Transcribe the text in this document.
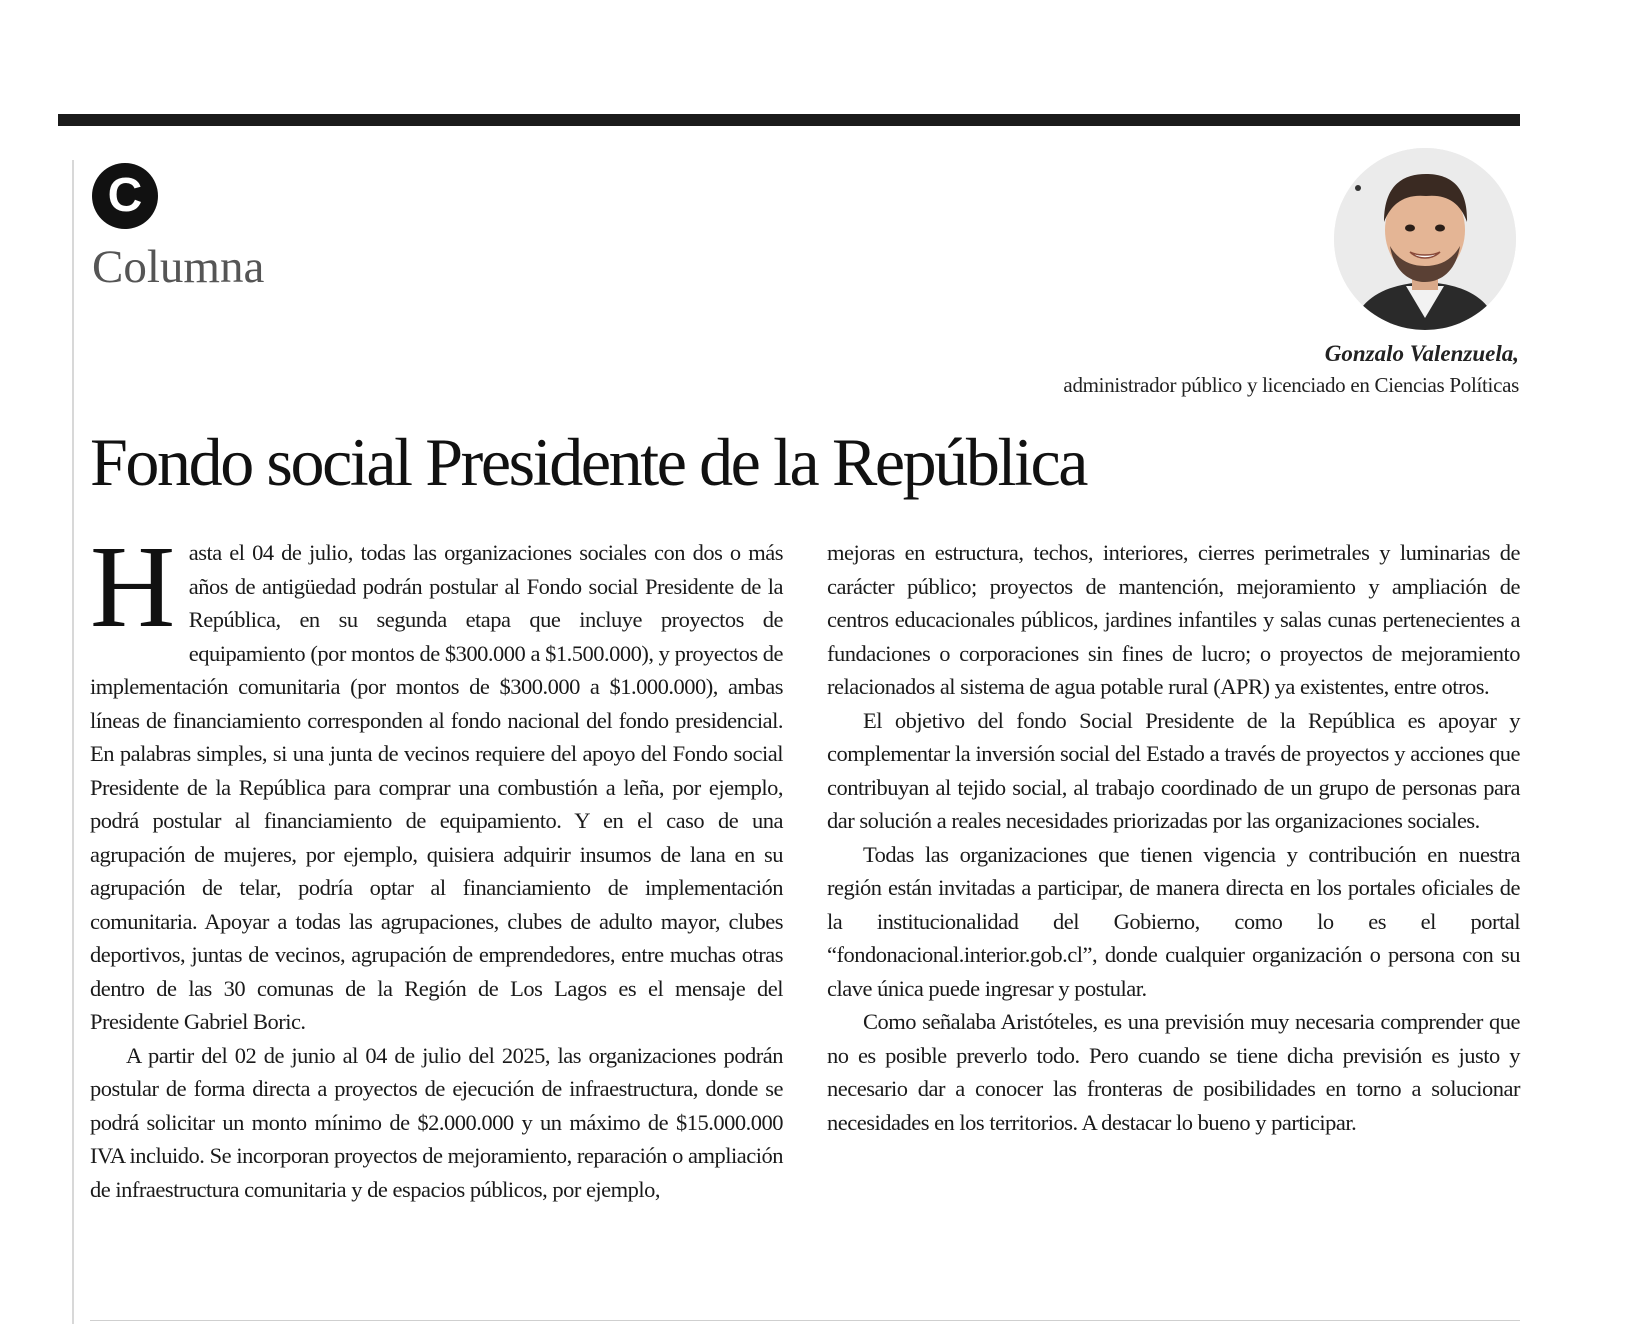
C
Columna
Gonzalo Valenzuela,
administrador público y licenciado en Ciencias Políticas
Fondo social Presidente de la República

Hasta el 04 de julio, todas las organizaciones sociales con dos o más años de antigüedad podrán postular al Fondo social Presidente de la República, en su segunda etapa que incluye proyectos de equipamiento (por montos de $300.000 a $1.500.000), y proyectos de implementación comunitaria (por montos de $300.000 a $1.000.000), ambas líneas de financiamiento corresponden al fondo nacional del fondo presidencial. En palabras simples, si una junta de vecinos requiere del apoyo del Fondo social Presidente de la República para comprar una combustión a leña, por ejemplo, podrá postular al financiamiento de equipamiento. Y en el caso de una agrupación de mujeres, por ejemplo, quisiera adquirir insumos de lana en su agrupación de telar, podría optar al financiamiento de implementación comunitaria. Apoyar a todas las agrupaciones, clubes de adulto mayor, clubes deportivos, juntas de vecinos, agrupación de emprendedores, entre muchas otras dentro de las 30 comunas de la Región de Los Lagos es el mensaje del Presidente Gabriel Boric.

A partir del 02 de junio al 04 de julio del 2025, las organizaciones podrán postular de forma directa a proyectos de ejecución de infraestructura, donde se podrá solicitar un monto mínimo de $2.000.000 y un máximo de $15.000.000 IVA incluido. Se incorporan proyectos de mejoramiento, reparación o ampliación de infraestructura comunitaria y de espacios públicos, por ejemplo,

mejoras en estructura, techos, interiores, cierres perimetrales y luminarias de carácter público; proyectos de mantención, mejoramiento y ampliación de centros educacionales públicos, jardines infantiles y salas cunas pertenecientes a fundaciones o corporaciones sin fines de lucro; o proyectos de mejoramiento relacionados al sistema de agua potable rural (APR) ya existentes, entre otros.

El objetivo del fondo Social Presidente de la República es apoyar y complementar la inversión social del Estado a través de proyectos y acciones que contribuyan al tejido social, al trabajo coordinado de un grupo de personas para dar solución a reales necesidades priorizadas por las organizaciones sociales.

Todas las organizaciones que tienen vigencia y contribución en nuestra región están invitadas a participar, de manera directa en los portales oficiales de la institucionalidad del Gobierno, como lo es el portal “fondonacional.interior.gob.cl”, donde cualquier organización o persona con su clave única puede ingresar y postular.

Como señalaba Aristóteles, es una previsión muy necesaria comprender que no es posible preverlo todo. Pero cuando se tiene dicha previsión es justo y necesario dar a conocer las fronteras de posibilidades en torno a solucionar necesidades en los territorios. A destacar lo bueno y participar.
